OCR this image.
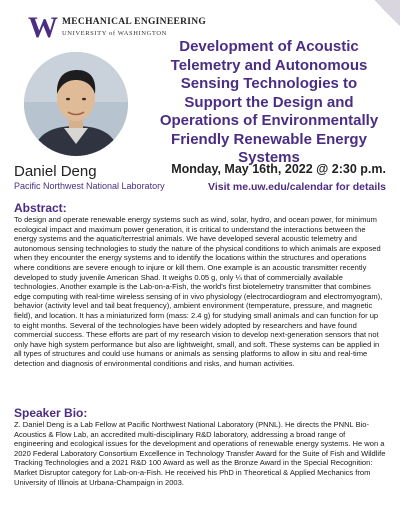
W MECHANICAL ENGINEERING
UNIVERSITY of WASHINGTON
Development of Acoustic Telemetry and Autonomous Sensing Technologies to Support the Design and Operations of Environmentally Friendly Renewable Energy Systems
Daniel Deng
Pacific Northwest National Laboratory
Monday, May 16th, 2022 @ 2:30 p.m.
Visit me.uw.edu/calendar for details
Abstract:
To design and operate renewable energy systems such as wind, solar, hydro, and ocean power, for minimum ecological impact and maximum power generation, it is critical to understand the interactions between the energy systems and the aquatic/terrestrial animals. We have developed several acoustic telemetry and autonomous sensing technologies to study the nature of the physical conditions to which animals are exposed when they encounter the energy systems and to identify the locations within the structures and operations where conditions are severe enough to injure or kill them. One example is an acoustic transmitter recently developed to study juvenile American Shad. It weighs 0.05 g, only ¼ that of commercially available technologies. Another example is the Lab-on-a-Fish, the world's first biotelemetry transmitter that combines edge computing with real-time wireless sensing of in vivo physiology (electrocardiogram and electromyogram), behavior (activity level and tail beat frequency), ambient environment (temperature, pressure, and magnetic field), and location. It has a miniaturized form (mass: 2.4 g) for studying small animals and can function for up to eight months. Several of the technologies have been widely adopted by researchers and have found commercial success. These efforts are part of my research vision to develop next-generation sensors that not only have high system performance but also are lightweight, small, and soft. These systems can be applied in all types of structures and could use humans or animals as sensing platforms to allow in situ and real-time detection and diagnosis of environmental conditions and risks, and human activities.
Speaker Bio:
Z. Daniel Deng is a Lab Fellow at Pacific Northwest National Laboratory (PNNL). He directs the PNNL Bio-Acoustics & Flow Lab, an accredited multi-disciplinary R&D laboratory, addressing a broad range of engineering and ecological issues for the development and operations of renewable energy systems. He won a 2020 Federal Laboratory Consortium Excellence in Technology Transfer Award for the Suite of Fish and Wildlife Tracking Technologies and a 2021 R&D 100 Award as well as the Bronze Award in the Special Recognition: Market Disruptor category for Lab-on-a-Fish. He received his PhD in Theoretical & Applied Mechanics from University of Illinois at Urbana-Champaign in 2003.
